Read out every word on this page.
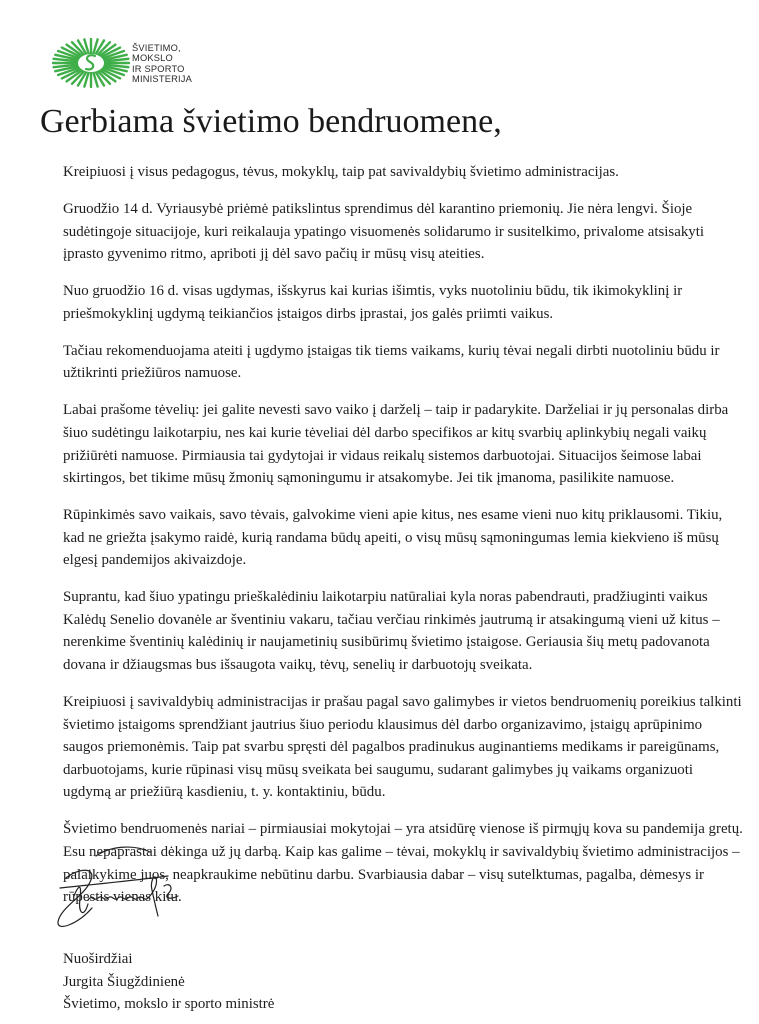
ŠVIETIMO,
MOKSLO
IR SPORTO
MINISTERIJA
Gerbiama švietimo bendruomene,

Kreipiuosi į visus pedagogus, tėvus, mokyklų, taip pat savivaldybių švietimo administracijas.

Gruodžio 14 d. Vyriausybė priėmė patikslintus sprendimus dėl karantino priemonių. Jie nėra lengvi. Šioje sudėtingoje situacijoje, kuri reikalauja ypatingo visuomenės solidarumo ir susitelkimo, privalome atsisakyti įprasto gyvenimo ritmo, apriboti jį dėl savo pačių ir mūsų visų ateities.

Nuo gruodžio 16 d. visas ugdymas, išskyrus kai kurias išimtis, vyks nuotoliniu būdu, tik ikimokyklinį ir priešmokyklinį ugdymą teikiančios įstaigos dirbs įprastai, jos galės priimti vaikus.

Tačiau rekomenduojama ateiti į ugdymo įstaigas tik tiems vaikams, kurių tėvai negali dirbti nuotoliniu būdu ir užtikrinti priežiūros namuose.

Labai prašome tėvelių: jei galite nevesti savo vaiko į darželį – taip ir padarykite. Darželiai ir jų personalas dirba šiuo sudėtingu laikotarpiu, nes kai kurie tėveliai dėl darbo specifikos ar kitų svarbių aplinkybių negali vaikų prižiūrėti namuose. Pirmiausia tai gydytojai ir vidaus reikalų sistemos darbuotojai. Situacijos šeimose labai skirtingos, bet tikime mūsų žmonių sąmoningumu ir atsakomybe. Jei tik įmanoma, pasilikite namuose.

Rūpinkimės savo vaikais, savo tėvais, galvokime vieni apie kitus, nes esame vieni nuo kitų priklausomi. Tikiu, kad ne griežta įsakymo raidė, kurią randama būdų apeiti, o visų mūsų sąmoningumas lemia kiekvieno iš mūsų elgesį pandemijos akivaizdoje.

Suprantu, kad šiuo ypatingu prieškalėdiniu laikotarpiu natūraliai kyla noras pabendrauti, pradžiuginti vaikus Kalėdų Senelio dovanėle ar šventiniu vakaru, tačiau verčiau rinkimės jautrumą ir atsakingumą vieni už kitus – nerenkime šventinių kalėdinių ir naujametinių susibūrimų švietimo įstaigose. Geriausia šių metų padovanota dovana ir džiaugsmas bus išsaugota vaikų, tėvų, senelių ir darbuotojų sveikata.

Kreipiuosi į savivaldybių administracijas ir prašau pagal savo galimybes ir vietos bendruomenių poreikius talkinti švietimo įstaigoms sprendžiant jautrius šiuo periodu klausimus dėl darbo organizavimo, įstaigų aprūpinimo saugos priemonėmis. Taip pat svarbu spręsti dėl pagalbos pradinukus auginantiems medikams ir pareigūnams, darbuotojams, kurie rūpinasi visų mūsų sveikata bei saugumu, sudarant galimybes jų vaikams organizuoti ugdymą ar priežiūrą kasdieniu, t. y. kontaktiniu, būdu.

Švietimo bendruomenės nariai – pirmiausiai mokytojai – yra atsidūrę vienose iš pirmųjų kova su pandemija gretų. Esu nepaprastai dėkinga už jų darbą. Kaip kas galime – tėvai, mokyklų ir savivaldybių švietimo administracijos – palaikykime juos, neapkraukime nebūtinu darbu. Svarbiausia dabar – visų sutelktumas, pagalba, dėmesys ir rūpestis vienas kitu.

Nuoširdžiai
Jurgita Šiugždinienė
Švietimo, mokslo ir sporto ministrė
